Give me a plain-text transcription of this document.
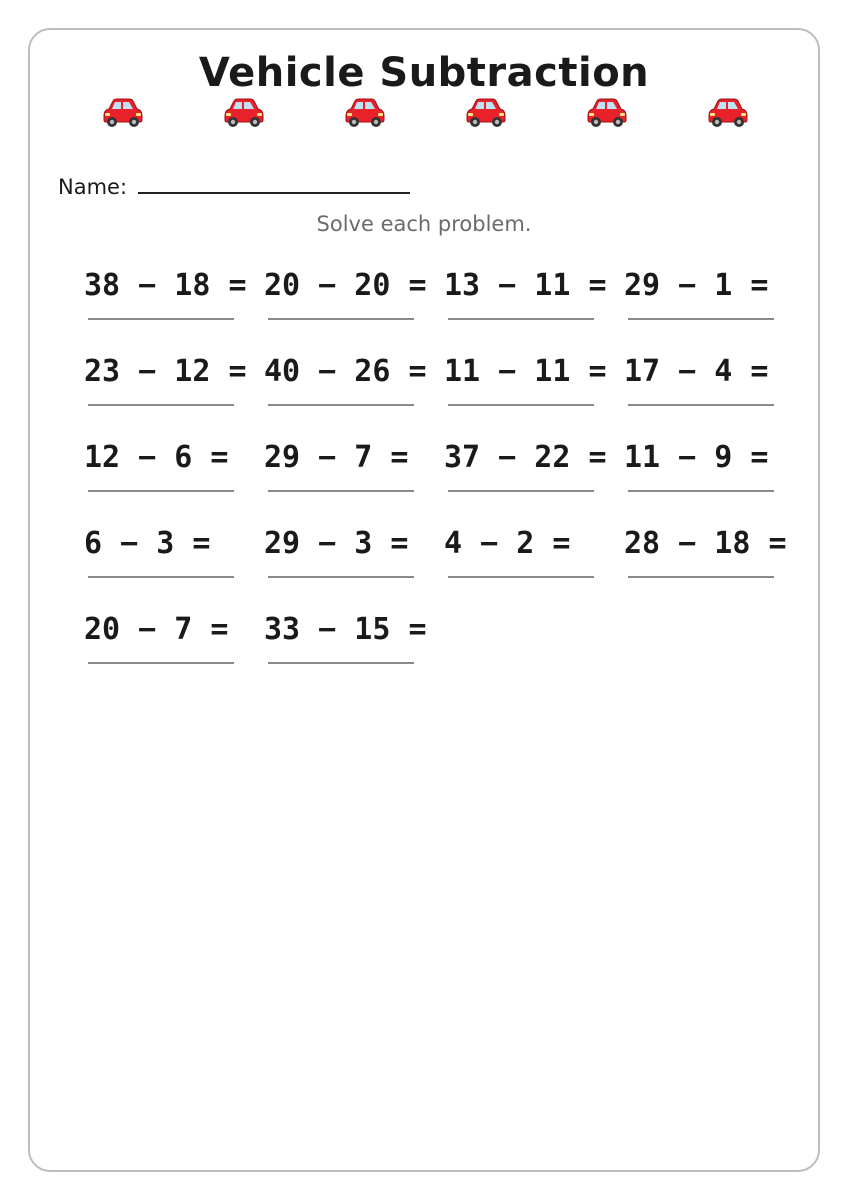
Vehicle Subtraction
Name:
Solve each problem.
38 − 18 = 20 − 20 = 13 − 11 = 29 − 1 =
23 − 12 = 40 − 26 = 11 − 11 = 17 − 4 =
12 − 6 = 29 − 7 = 37 − 22 = 11 − 9 =
6 − 3 = 29 − 3 = 4 − 2 = 28 − 18 =
20 − 7 = 33 − 15 =
